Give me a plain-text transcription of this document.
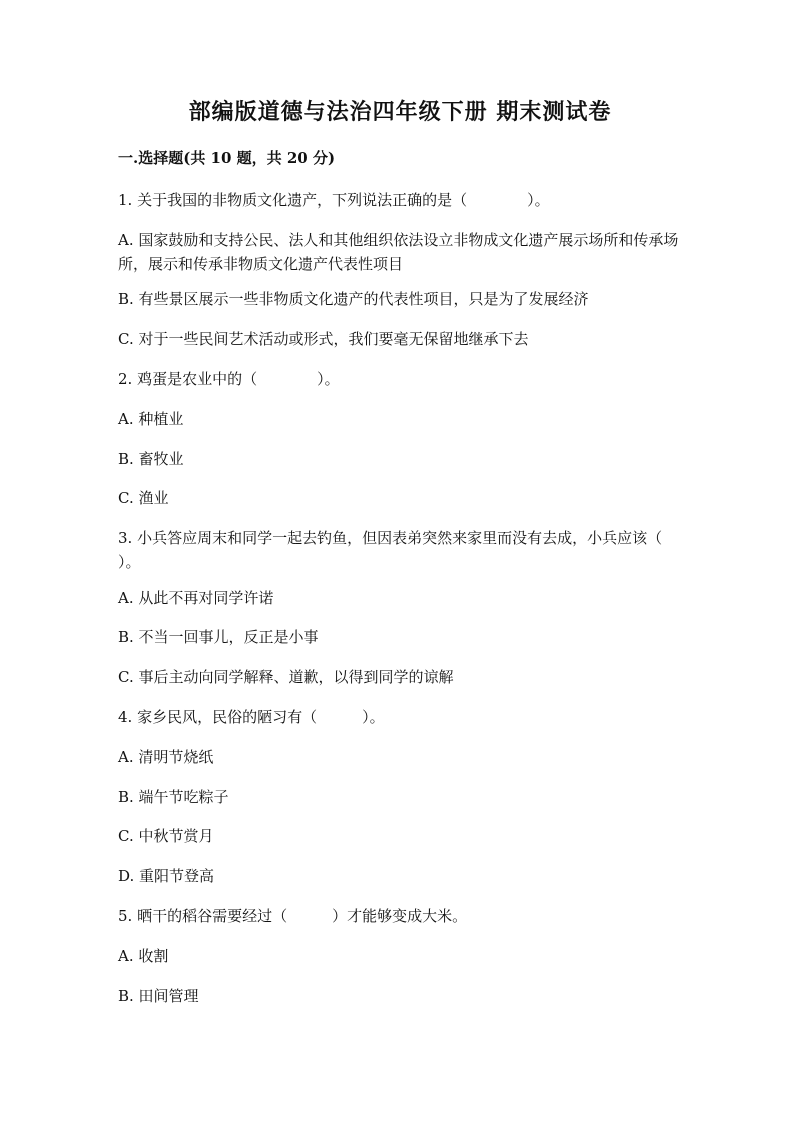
部编版道德与法治四年级下册 期末测试卷
一.选择题(共 10 题，共 20 分)
1. 关于我国的非物质文化遗产，下列说法正确的是（　　　　）。
A. 国家鼓励和支持公民、法人和其他组织依法设立非物成文化遗产展示场所和传承场所，展示和传承非物质文化遗产代表性项目
B. 有些景区展示一些非物质文化遗产的代表性项目，只是为了发展经济
C. 对于一些民间艺术活动或形式，我们要毫无保留地继承下去
2. 鸡蛋是农业中的（　　　　）。
A. 种植业
B. 畜牧业
C. 渔业
3. 小兵答应周末和同学一起去钓鱼，但因表弟突然来家里而没有去成，小兵应该（　　　）。
A. 从此不再对同学许诺
B. 不当一回事儿，反正是小事
C. 事后主动向同学解释、道歉，以得到同学的谅解
4. 家乡民风，民俗的陋习有（　　　）。
A. 清明节烧纸
B. 端午节吃粽子
C. 中秋节赏月
D. 重阳节登高
5. 晒干的稻谷需要经过（　　　）才能够变成大米。
A. 收割
B. 田间管理
